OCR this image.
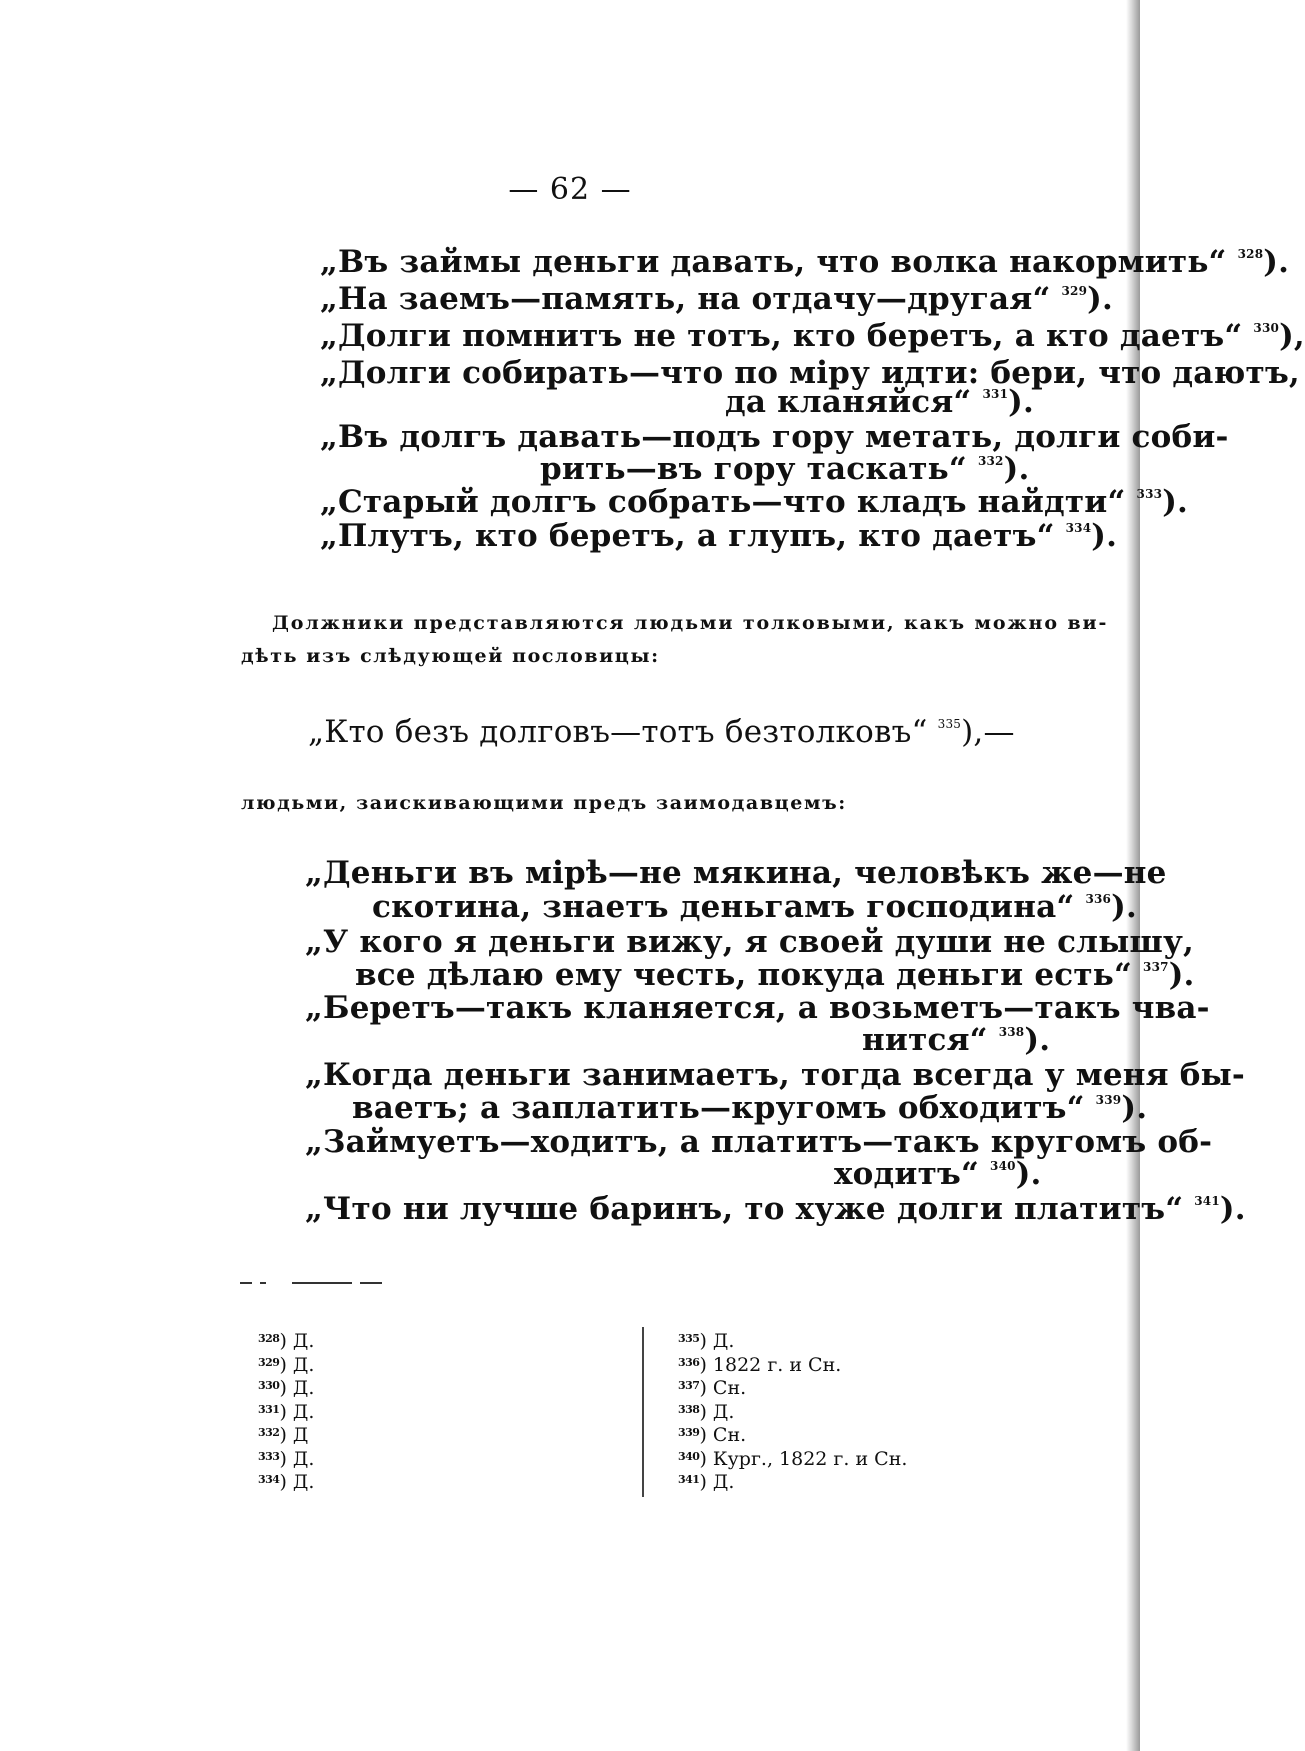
— 62 —
„Въ займы деньги давать, что волка накормить“ $^{328}$).
„На заемъ—память, на отдачу—другая“ $^{329}$).
„Долги помнитъ не тотъ, кто беретъ, а кто даетъ“ $^{330}$),
„Долги собирать—что по міру идти: бери, что даютъ,
да кланяйся“ $^{331}$).
„Въ долгъ давать—подъ гору метать, долги соби-
рить—въ гору таскать“ $^{332}$).
„Старый долгъ собрать—что кладъ найдти“ $^{333}$).
„Плутъ, кто беретъ, а глупъ, кто даетъ“ $^{334}$).
Должники представляются людьми толковыми, какъ можно ви-
дѣть изъ слѣдующей пословицы:
„Кто безъ долговъ—тотъ безтолковъ“ $^{335}$),—
людьми, заискивающими предъ заимодавцемъ:
„Деньги въ мірѣ—не мякина, человѣкъ же—не
скотина, знаетъ деньгамъ господина“ $^{336}$).
„У кого я деньги вижу, я своей души не слышу,
все дѣлаю ему честь, покуда деньги есть“ $^{337}$).
„Беретъ—такъ кланяется, а возьметъ—такъ чва-
нится“ $^{338}$).
„Когда деньги занимаетъ, тогда всегда у меня бы-
ваетъ; а заплатить—кругомъ обходитъ“ $^{339}$).
„Займуетъ—ходитъ, а платитъ—такъ кругомъ об-
ходитъ“ $^{340}$).
„Что ни лучше баринъ, то хуже долги платитъ“ $^{341}$).
$^{328}$) Д.
$^{329}$) Д.
$^{330}$) Д.
$^{331}$) Д.
$^{332}$) Д
$^{333}$) Д.
$^{334}$) Д.
$^{335}$) Д.
$^{336}$) 1822 г. и Сн.
$^{337}$) Сн.
$^{338}$) Д.
$^{339}$) Сн.
$^{340}$) Кург., 1822 г. и Сн.
$^{341}$) Д.
